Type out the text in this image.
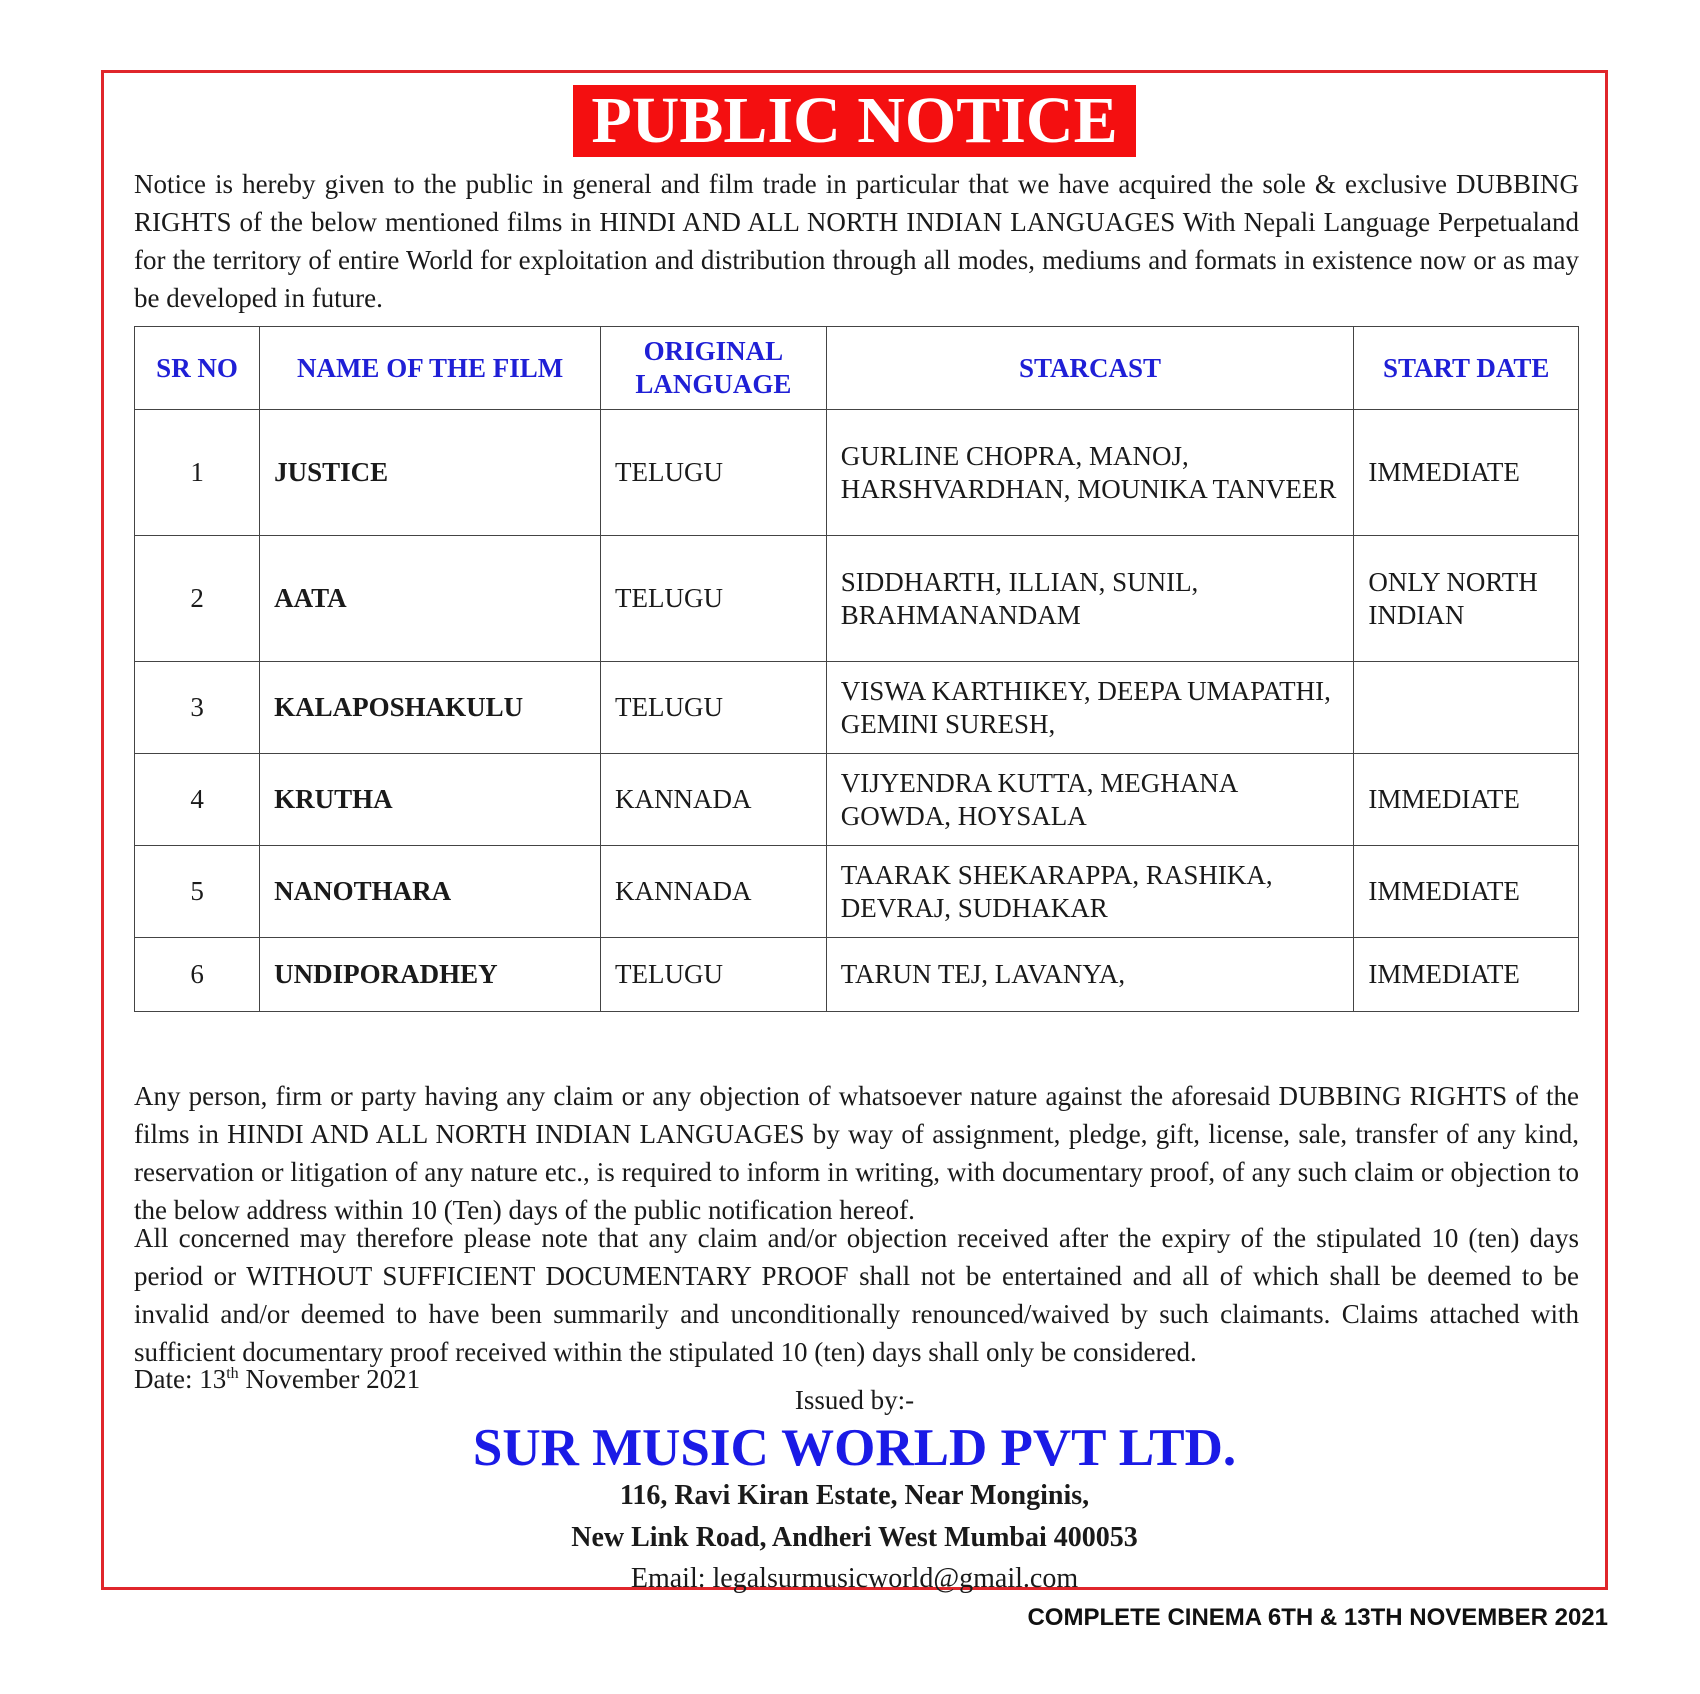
PUBLIC NOTICE

Notice is hereby given to the public in general and film trade in particular that we have acquired the sole & exclusive DUBBING RIGHTS of the below mentioned films in HINDI AND ALL NORTH INDIAN LANGUAGES With Nepali Language Perpetualand for the territory of entire World for exploitation and distribution through all modes, mediums and formats in existence now or as may be developed in future.

SR NO	NAME OF THE FILM	ORIGINAL LANGUAGE	STARCAST	START DATE
1	JUSTICE	TELUGU	GURLINE CHOPRA, MANOJ, HARSHVARDHAN, MOUNIKA TANVEER	IMMEDIATE
2	AATA	TELUGU	SIDDHARTH, ILLIAN, SUNIL, BRAHMANANDAM	ONLY NORTH INDIAN
3	KALAPOSHAKULU	TELUGU	VISWA KARTHIKEY, DEEPA UMAPATHI, GEMINI SURESH,	
4	KRUTHA	KANNADA	VIJYENDRA KUTTA, MEGHANA GOWDA, HOYSALA	IMMEDIATE
5	NANOTHARA	KANNADA	TAARAK SHEKARAPPA, RASHIKA, DEVRAJ, SUDHAKAR	IMMEDIATE
6	UNDIPORADHEY	TELUGU	TARUN TEJ, LAVANYA,	IMMEDIATE

Any person, firm or party having any claim or any objection of whatsoever nature against the aforesaid DUBBING RIGHTS of the films in HINDI AND ALL NORTH INDIAN LANGUAGES by way of assignment, pledge, gift, license, sale, transfer of any kind, reservation or litigation of any nature etc., is required to inform in writing, with documentary proof, of any such claim or objection to the below address within 10 (Ten) days of the public notification hereof.

All concerned may therefore please note that any claim and/or objection received after the expiry of the stipulated 10 (ten) days period or WITHOUT SUFFICIENT DOCUMENTARY PROOF shall not be entertained and all of which shall be deemed to be invalid and/or deemed to have been summarily and unconditionally renounced/waived by such claimants. Claims attached with sufficient documentary proof received within the stipulated 10 (ten) days shall only be considered.

Date: 13th November 2021
Issued by:-
SUR MUSIC WORLD PVT LTD.
116, Ravi Kiran Estate, Near Monginis,
New Link Road, Andheri West Mumbai 400053
Email: legalsurmusicworld@gmail.com
COMPLETE CINEMA 6TH & 13TH NOVEMBER 2021
